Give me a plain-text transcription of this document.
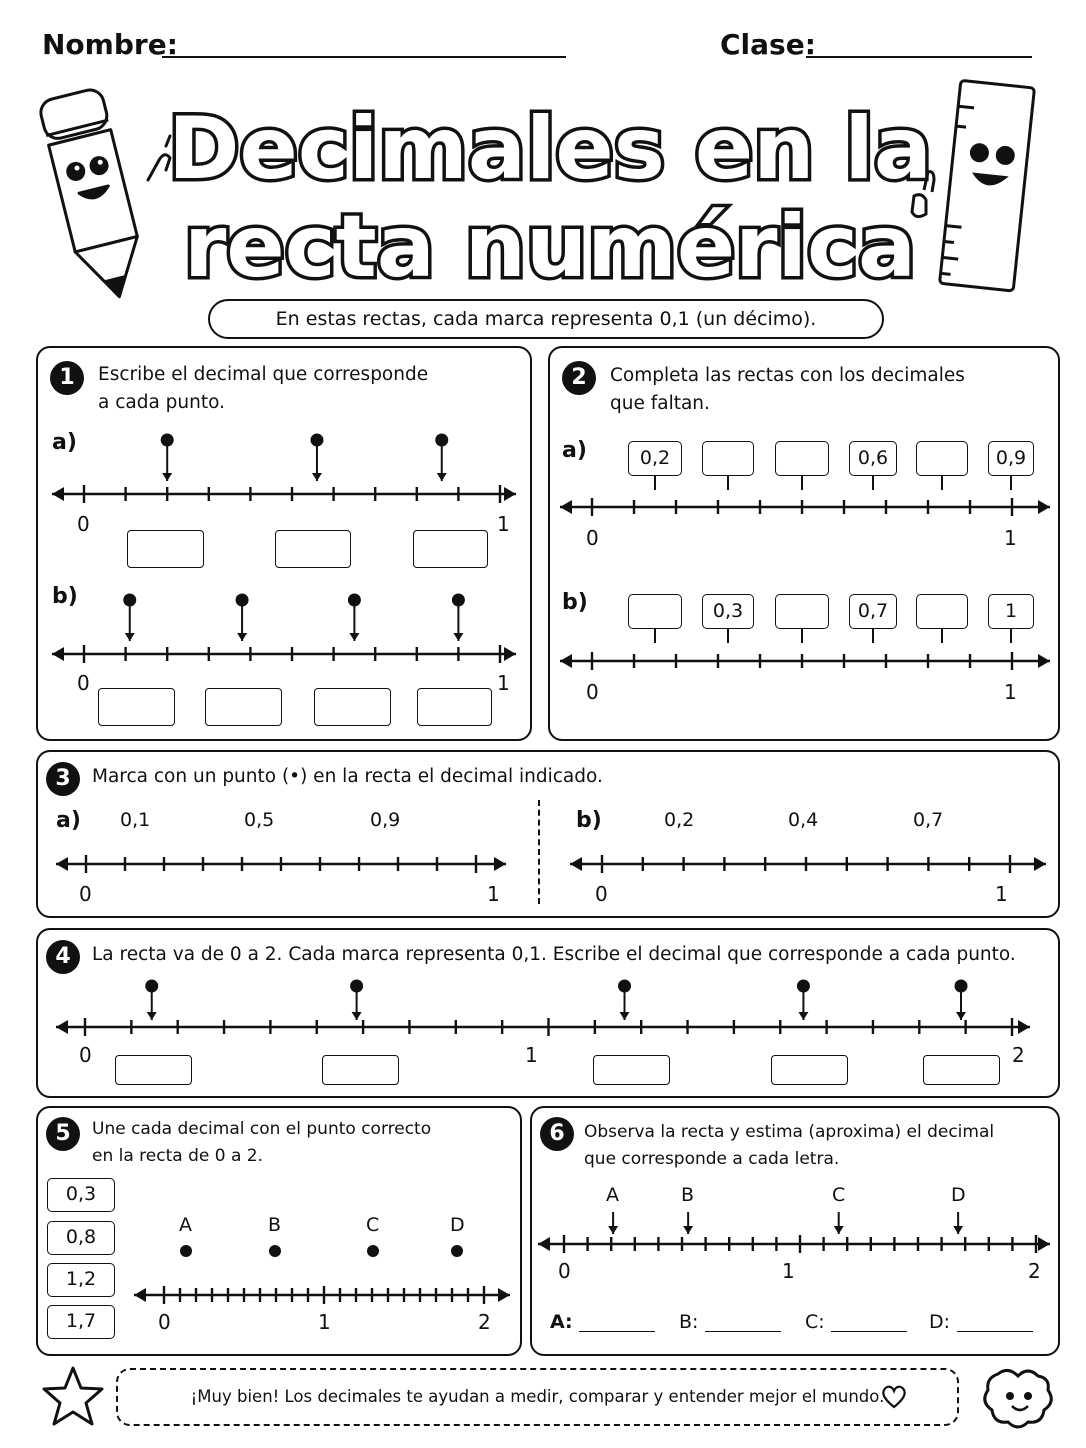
Nombre:	Clase:
Decimales en la
recta numérica
En estas rectas, cada marca representa 0,1 (un décimo).
1	Escribe el decimal que corresponde
a cada punto.
a)
b)
0	1
0	1
2	Completa las rectas con los decimales
que faltan.
a)
b)
0	1
0	1
0,2	0,6	0,9
0,3	0,7	1
3	Marca con un punto (•) en la recta el decimal indicado.
a)	b)
0,1	0,5	0,9	0,2	0,4	0,7
0	1	0	1
4	La recta va de 0 a 2. Cada marca representa 0,1. Escribe el decimal que corresponde a cada punto.
0	1	2
5	Une cada decimal con el punto correcto
en la recta de 0 a 2.
0,3
0,8
1,2
1,7
A	B	C	D
0	1	2
6	Observa la recta y estima (aproxima) el decimal
que corresponde a cada letra.
A	B	C	D
0	1	2
A:	B:	C:	D:
¡Muy bien! Los decimales te ayudan a medir, comparar y entender mejor el mundo.
